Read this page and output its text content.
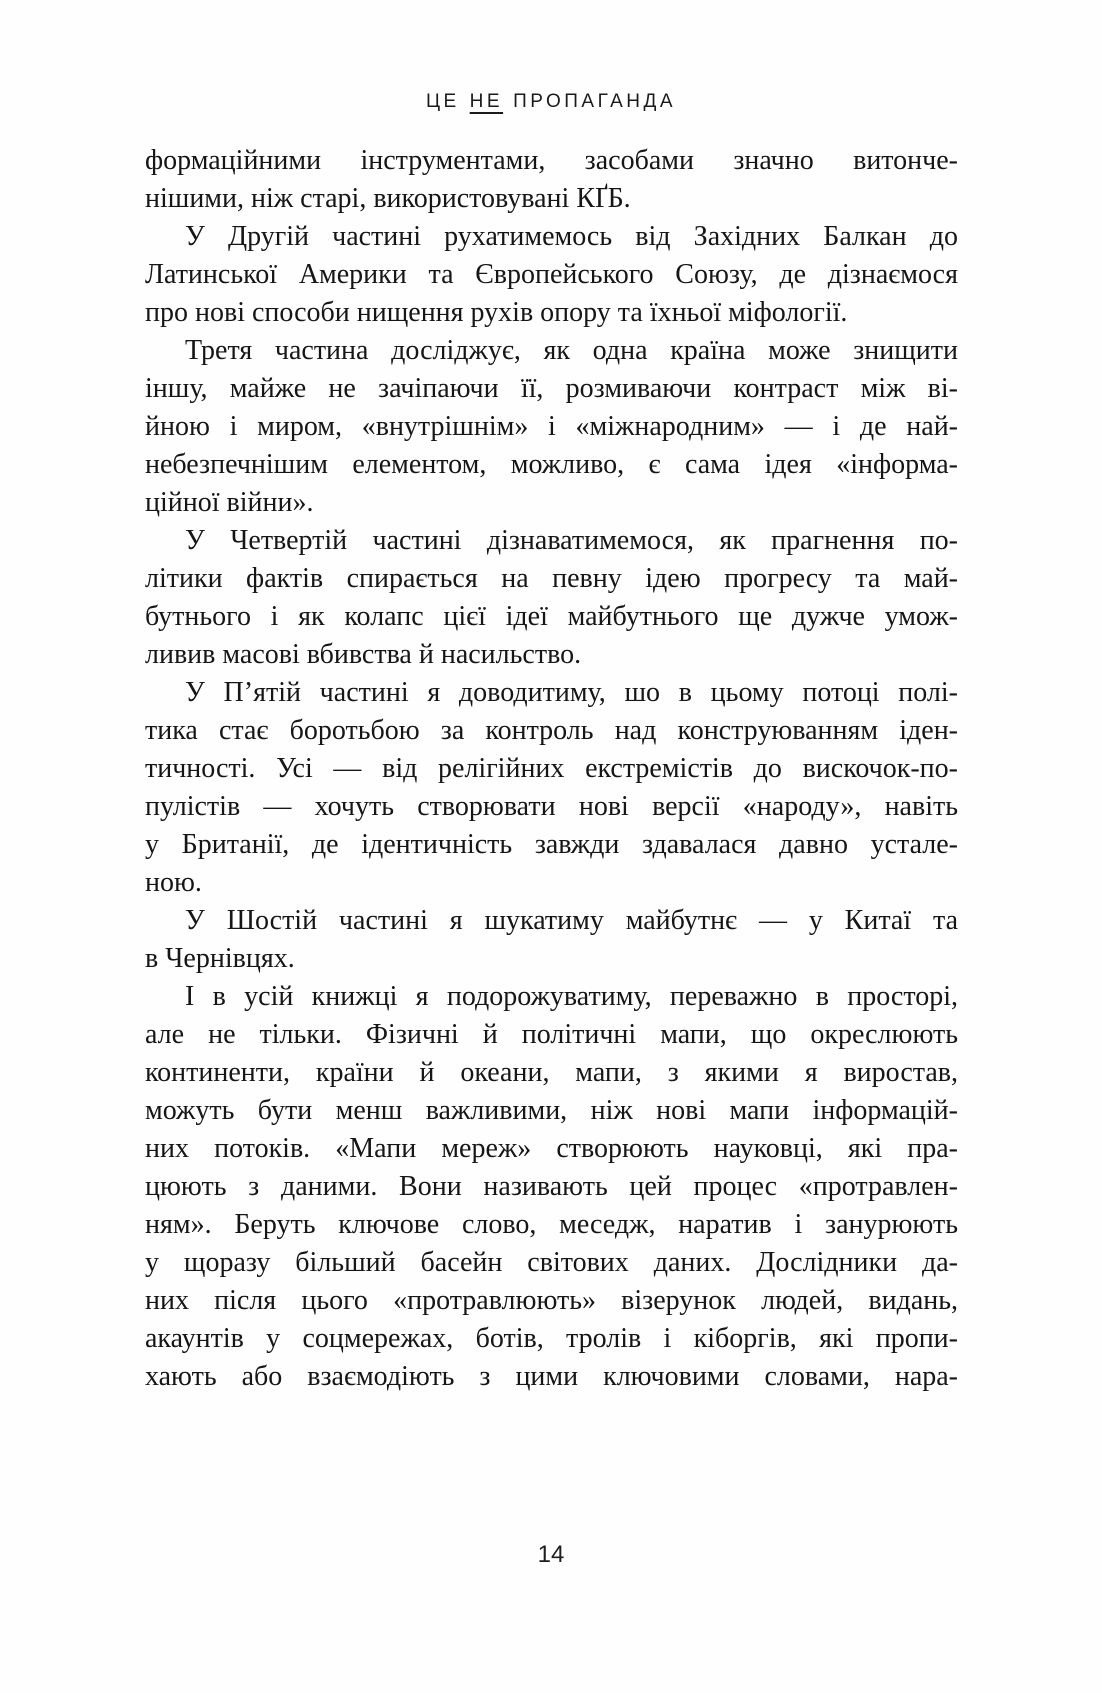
ЦЕ НЕ ПРОПАГАНДА
формаційними інструментами, засобами значно витонче-
нішими, ніж старі, використовувані КҐБ.
У Другій частині рухатимемось від Західних Балкан до
Латинської Америки та Європейського Союзу, де дізнаємося
про нові способи нищення рухів опору та їхньої міфології.
Третя частина досліджує, як одна країна може знищити
іншу, майже не зачіпаючи її, розмиваючи контраст між ві-
йною і миром, «внутрішнім» і «міжнародним» — і де най-
небезпечнішим елементом, можливо, є сама ідея «інформа-
ційної війни».
У Четвертій частині дізнаватимемося, як прагнення по-
літики фактів спирається на певну ідею прогресу та май-
бутнього і як колапс цієї ідеї майбутнього ще дужче умож-
ливив масові вбивства й насильство.
У П’ятій частині я доводитиму, шо в цьому потоці полі-
тика стає боротьбою за контроль над конструюванням іден-
тичності. Усі — від релігійних екстремістів до вискочок-по-
пулістів — хочуть створювати нові версії «народу», навіть
у Британії, де ідентичність завжди здавалася давно устале-
ною.
У Шостій частині я шукатиму майбутнє — у Китаї та
в Чернівцях.
І в усій книжці я подорожуватиму, переважно в просторі,
але не тільки. Фізичні й політичні мапи, що окреслюють
континенти, країни й океани, мапи, з якими я виростав,
можуть бути менш важливими, ніж нові мапи інформацій-
них потоків. «Мапи мереж» створюють науковці, які пра-
цюють з даними. Вони називають цей процес «протравлен-
ням». Беруть ключове слово, меседж, наратив і занурюють
у щоразу більший басейн світових даних. Дослідники да-
них після цього «протравлюють» візерунок людей, видань,
акаунтів у соцмережах, ботів, тролів і кіборгів, які пропи-
хають або взаємодіють з цими ключовими словами, нара-
14
